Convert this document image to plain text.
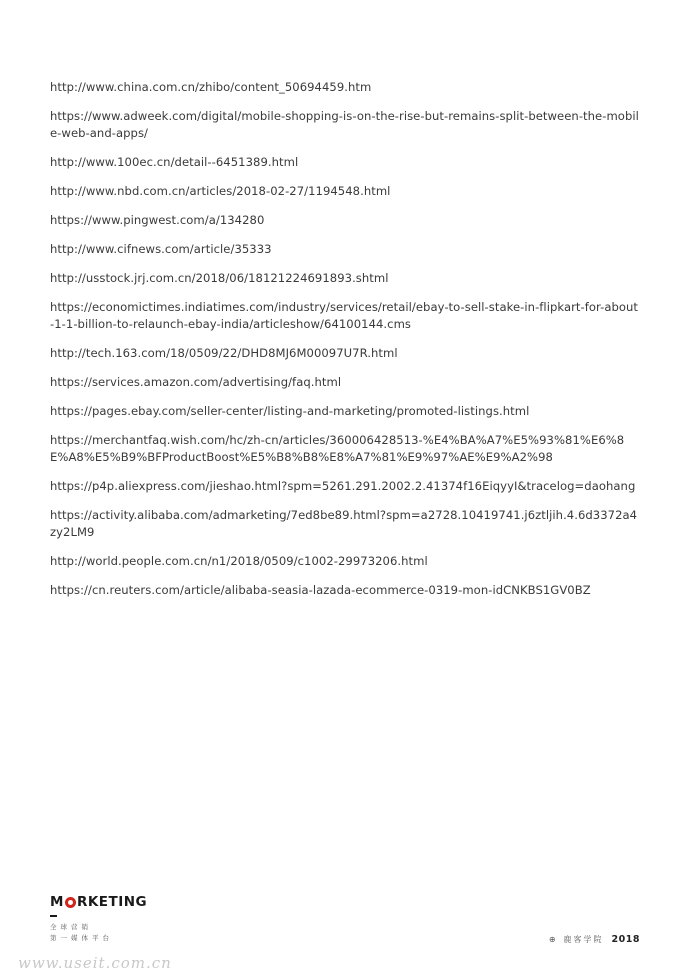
http://www.china.com.cn/zhibo/content_50694459.htm

https://www.adweek.com/digital/mobile-shopping-is-on-the-rise-but-remains-split-between-the-mobile-web-and-apps/

http://www.100ec.cn/detail--6451389.html

http://www.nbd.com.cn/articles/2018-02-27/1194548.html

https://www.pingwest.com/a/134280

http://www.cifnews.com/article/35333

http://usstock.jrj.com.cn/2018/06/18121224691893.shtml

https://economictimes.indiatimes.com/industry/services/retail/ebay-to-sell-stake-in-flipkart-for-about-1-1-billion-to-relaunch-ebay-india/articleshow/64100144.cms

http://tech.163.com/18/0509/22/DHD8MJ6M00097U7R.html

https://services.amazon.com/advertising/faq.html

https://pages.ebay.com/seller-center/listing-and-marketing/promoted-listings.html

https://merchantfaq.wish.com/hc/zh-cn/articles/360006428513-%E4%BA%A7%E5%93%81%E6%8E%A8%E5%B9%BFProductBoost%E5%B8%B8%E8%A7%81%E9%97%AE%E9%A2%98

https://p4p.aliexpress.com/jieshao.html?spm=5261.291.2002.2.41374f16EiqyyI&tracelog=daohang

https://activity.alibaba.com/admarketing/7ed8be89.html?spm=a2728.10419741.j6ztljih.4.6d3372a4zy2LM9

http://world.people.com.cn/n1/2018/0509/c1002-29973206.html

https://cn.reuters.com/article/alibaba-seasia-lazada-ecommerce-0319-mon-idCNKBS1GV0BZ

M RKETING
全球营销
第一媒体平台	⊕ 鹿客学院 2018
www.useit.com.cn
